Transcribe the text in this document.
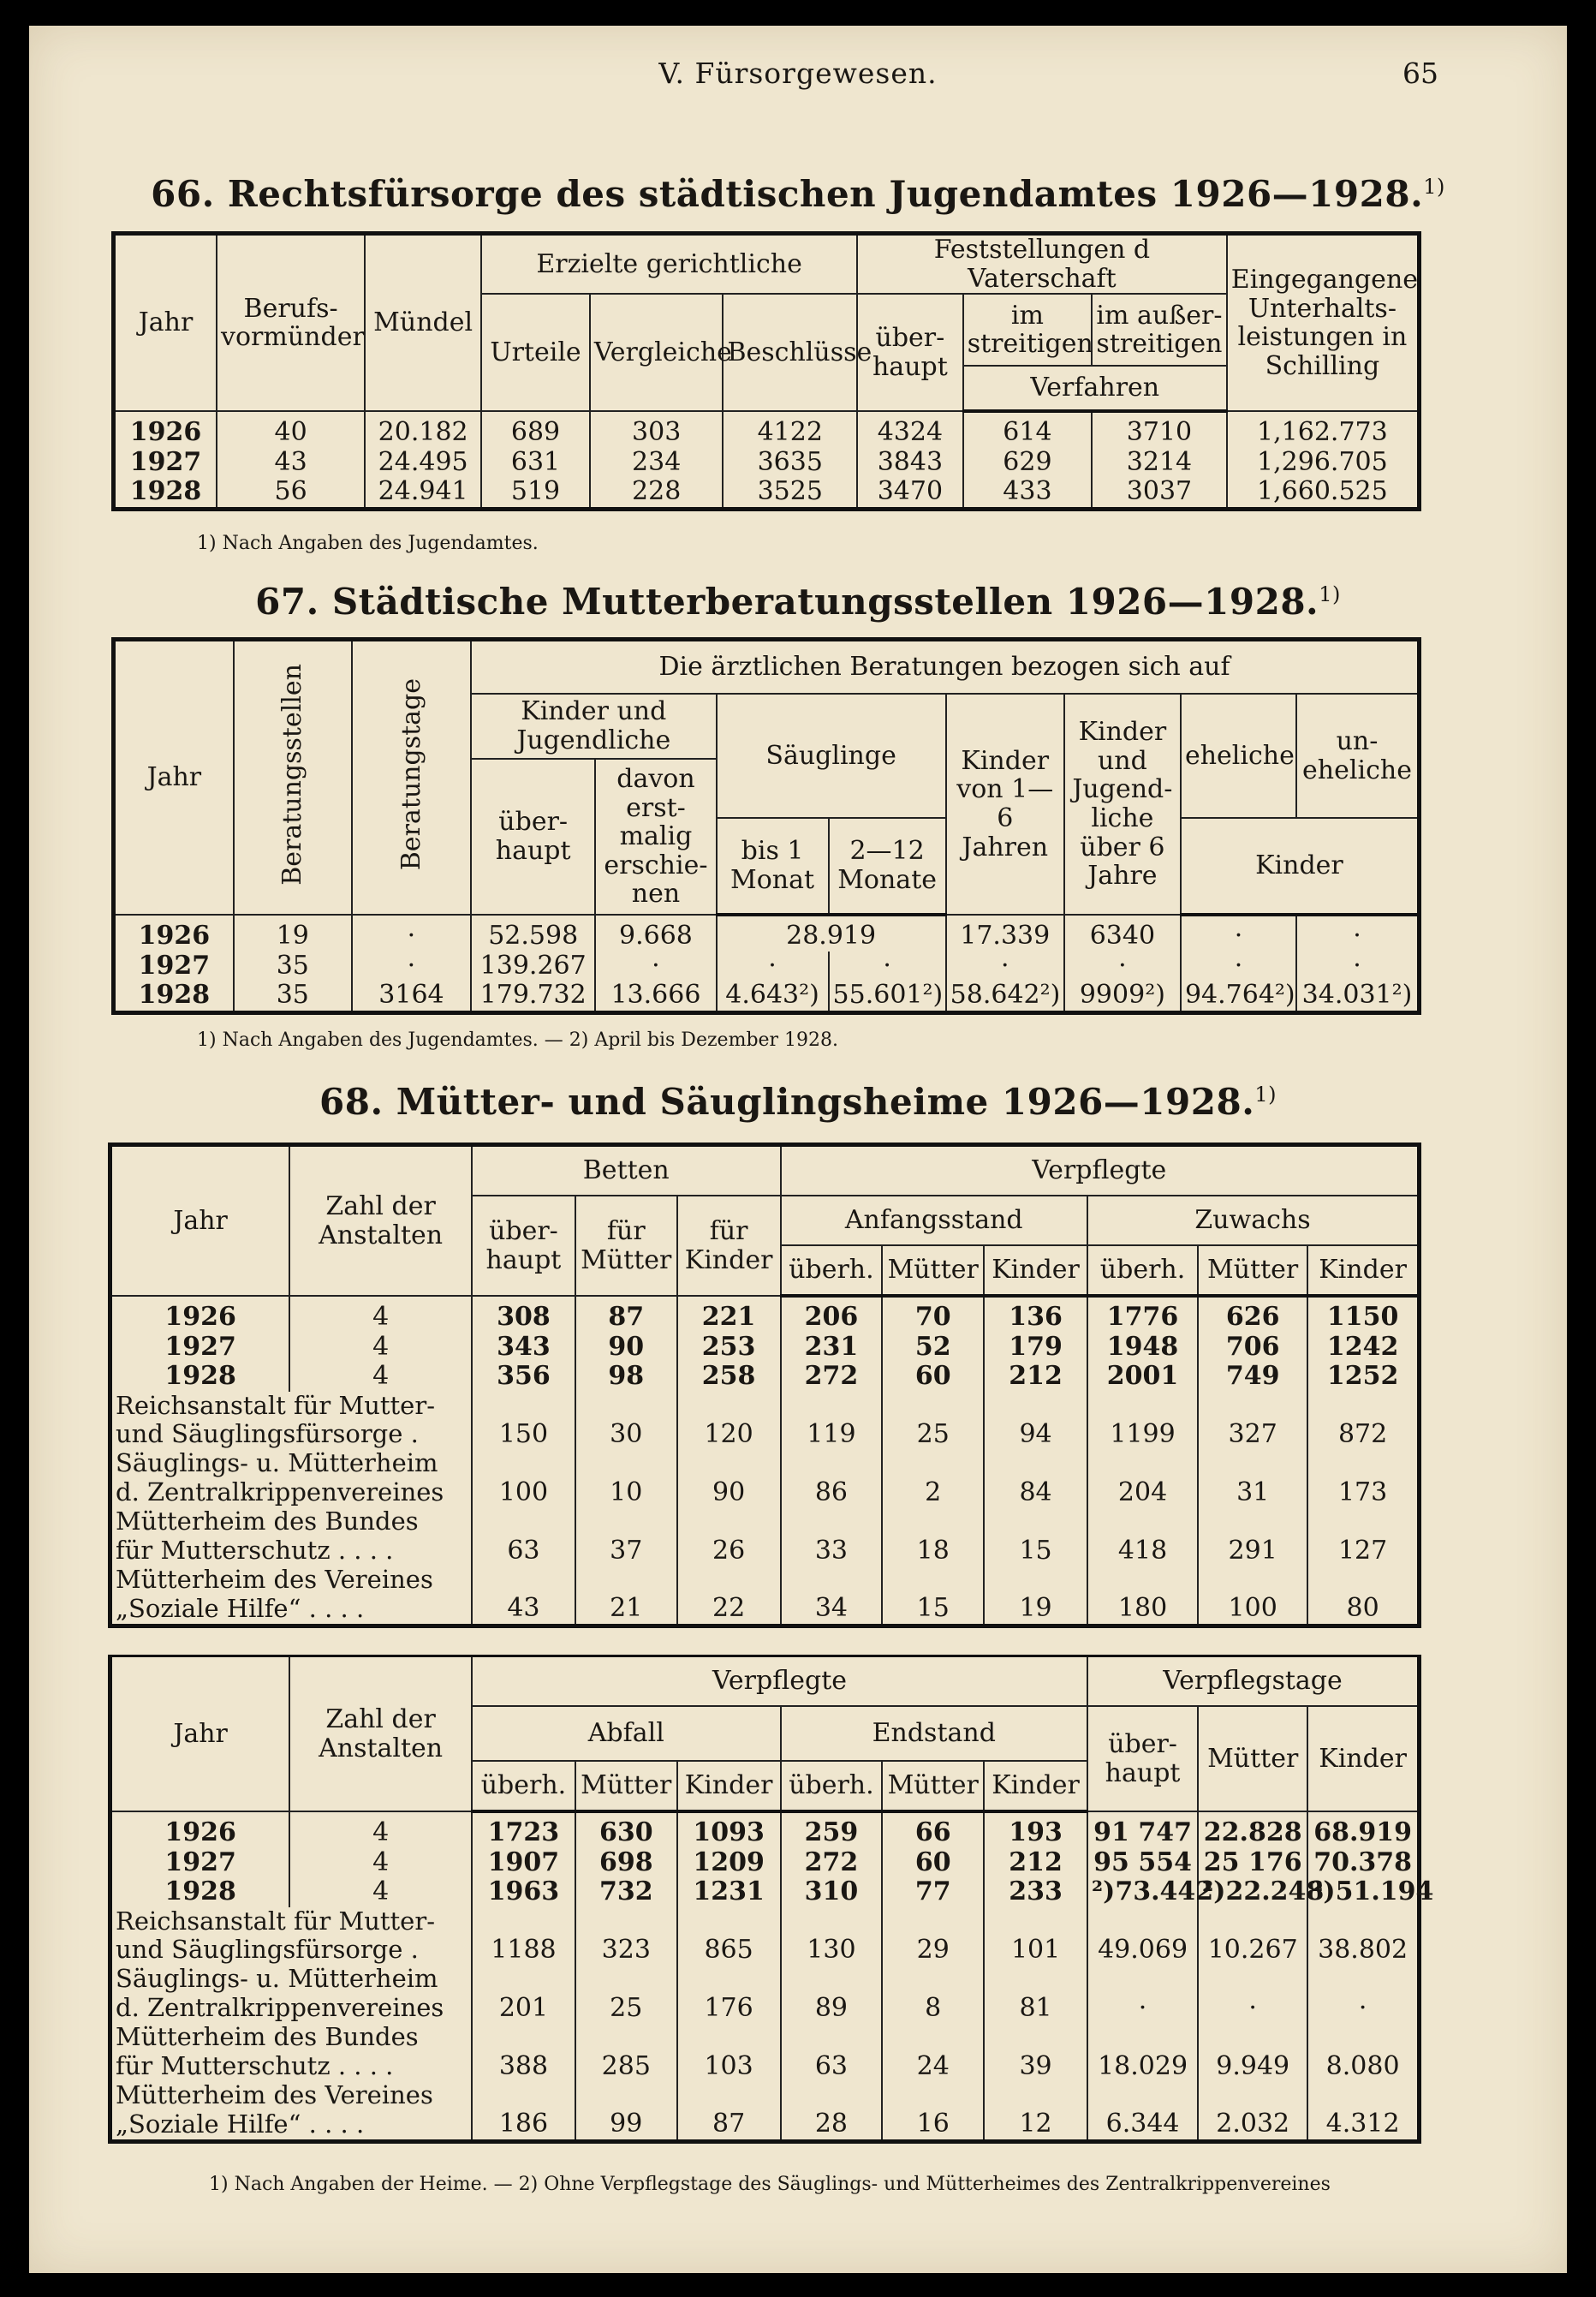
V. Fürsorgewesen.	65
66. Rechtsfürsorge des städtischen Jugendamtes 1926—1928.$^{1)}$
Jahr	Berufs-vormünder	Mündel	Erzielte gerichtliche			Feststellungen d Vaterschaft			Eingegangene Unterhalts-leistungen in Schilling
			Urteile	Vergleiche	Beschlüsse	über-haupt	im streitigen	im außer-streitigen	
							Verfahren		
1926	40	20.182	689	303	4122	4324	614	3710	1,162.773
1927	43	24.495	631	234	3635	3843	629	3214	1,296.705
1928	56	24.941	519	228	3525	3470	433	3037	1,660.525
1) Nach Angaben des Jugendamtes.
67. Städtische Mutterberatungsstellen 1926—1928.$^{1)}$
Jahr	Beratungsstellen	Beratungstage	Die ärztlichen Beratungen bezogen sich auf							
			Kinder und Jugendliche		Säuglinge		Kinder von 1—6 Jahren	Kinder und Jugend-liche über 6 Jahre	eheliche	un-eheliche
			über-haupt	davon erst-malig erschie-nen						
					bis 1 Monat	2—12 Monate			Kinder	
1926	19	·	52.598	9.668	28.919		17.339	6340	·	·
1927	35	·	139.267	·	·	·	·	·	·	·
1928	35	3164	179.732	13.666	4.643²)	55.601²)	58.642²)	9909²)	94.764²)	34.031²)
1) Nach Angaben des Jugendamtes. — 2) April bis Dezember 1928.
68. Mütter- und Säuglingsheime 1926—1928.$^{1)}$
Jahr	Zahl der Anstalten	Betten			Verpflegte					
		über-haupt	für Mütter	für Kinder	Anfangsstand			Zuwachs		
					überh.	Mütter	Kinder	überh.	Mütter	Kinder
1926	4	308	87	221	206	70	136	1776	626	1150
1927	4	343	90	253	231	52	179	1948	706	1242
1928	4	356	98	258	272	60	212	2001	749	1252
Reichsanstalt für Mutter-										
und Säuglingsfürsorge .		150	30	120	119	25	94	1199	327	872
Säuglings- u. Mütterheim										
d. Zentralkrippenvereines		100	10	90	86	2	84	204	31	173
Mütterheim des Bundes										
für Mutterschutz . . . .		63	37	26	33	18	15	418	291	127
Mütterheim des Vereines										
„Soziale Hilfe“ . . . .		43	21	22	34	15	19	180	100	80
Jahr	Zahl der Anstalten	Verpflegte						Verpflegstage		
		Abfall			Endstand			über-haupt	Mütter	Kinder
		überh.	Mütter	Kinder	überh.	Mütter	Kinder			
1926	4	1723	630	1093	259	66	193	91 747	22.828	68.919
1927	4	1907	698	1209	272	60	212	95 554	25 176	70.378
1928	4	1963	732	1231	310	77	233	²)73.442	²)22.248	²)51.194
Reichsanstalt für Mutter-										
und Säuglingsfürsorge .		1188	323	865	130	29	101	49.069	10.267	38.802
Säuglings- u. Mütterheim										
d. Zentralkrippenvereines		201	25	176	89	8	81	·	·	·
Mütterheim des Bundes										
für Mutterschutz . . . .		388	285	103	63	24	39	18.029	9.949	8.080
Mütterheim des Vereines										
„Soziale Hilfe“ . . . .		186	99	87	28	16	12	6.344	2.032	4.312
1) Nach Angaben der Heime. — 2) Ohne Verpflegstage des Säuglings- und Mütterheimes des Zentralkrippenvereines
